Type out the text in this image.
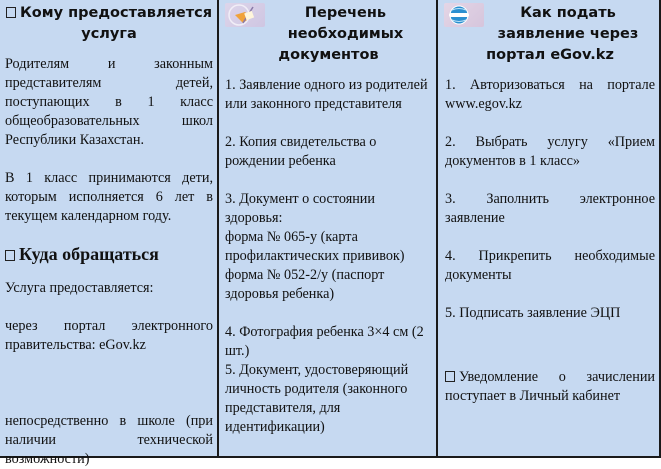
Кому предоставляется услуга

Родителям и законным представителям детей, поступающих в 1 класс общеобразовательных школ Республики Казахстан.

В 1 класс принимаются дети, которым исполняется 6 лет в текущем календарном году.

Куда обращаться

Услуга предоставляется:

через портал электронного правительства: eGov.kz

непосредственно в школе (при наличии технической возможности)

Перечень
необходимых
документов

1. Заявление одного из родителей или законного представителя

2. Копия свидетельства о рождении ребенка

3. Документ о состоянии здоровья:

форма № 065-у (карта профилактических прививок)

форма № 052-2/у (паспорт здоровья ребенка)

4. Фотография ребенка 3×4 см (2 шт.)

5. Документ, удостоверяющий личность родителя (законного представителя, для идентификации)

Как подать
заявление через
портал eGov.kz

1. Авторизоваться на портале www.egov.kz

2. Выбрать услугу «Прием документов в 1 класс»

3. Заполнить электронное заявление

4. Прикрепить необходимые документы

5. Подписать заявление ЭЦП

Уведомление о зачислении поступает в Личный кабинет
